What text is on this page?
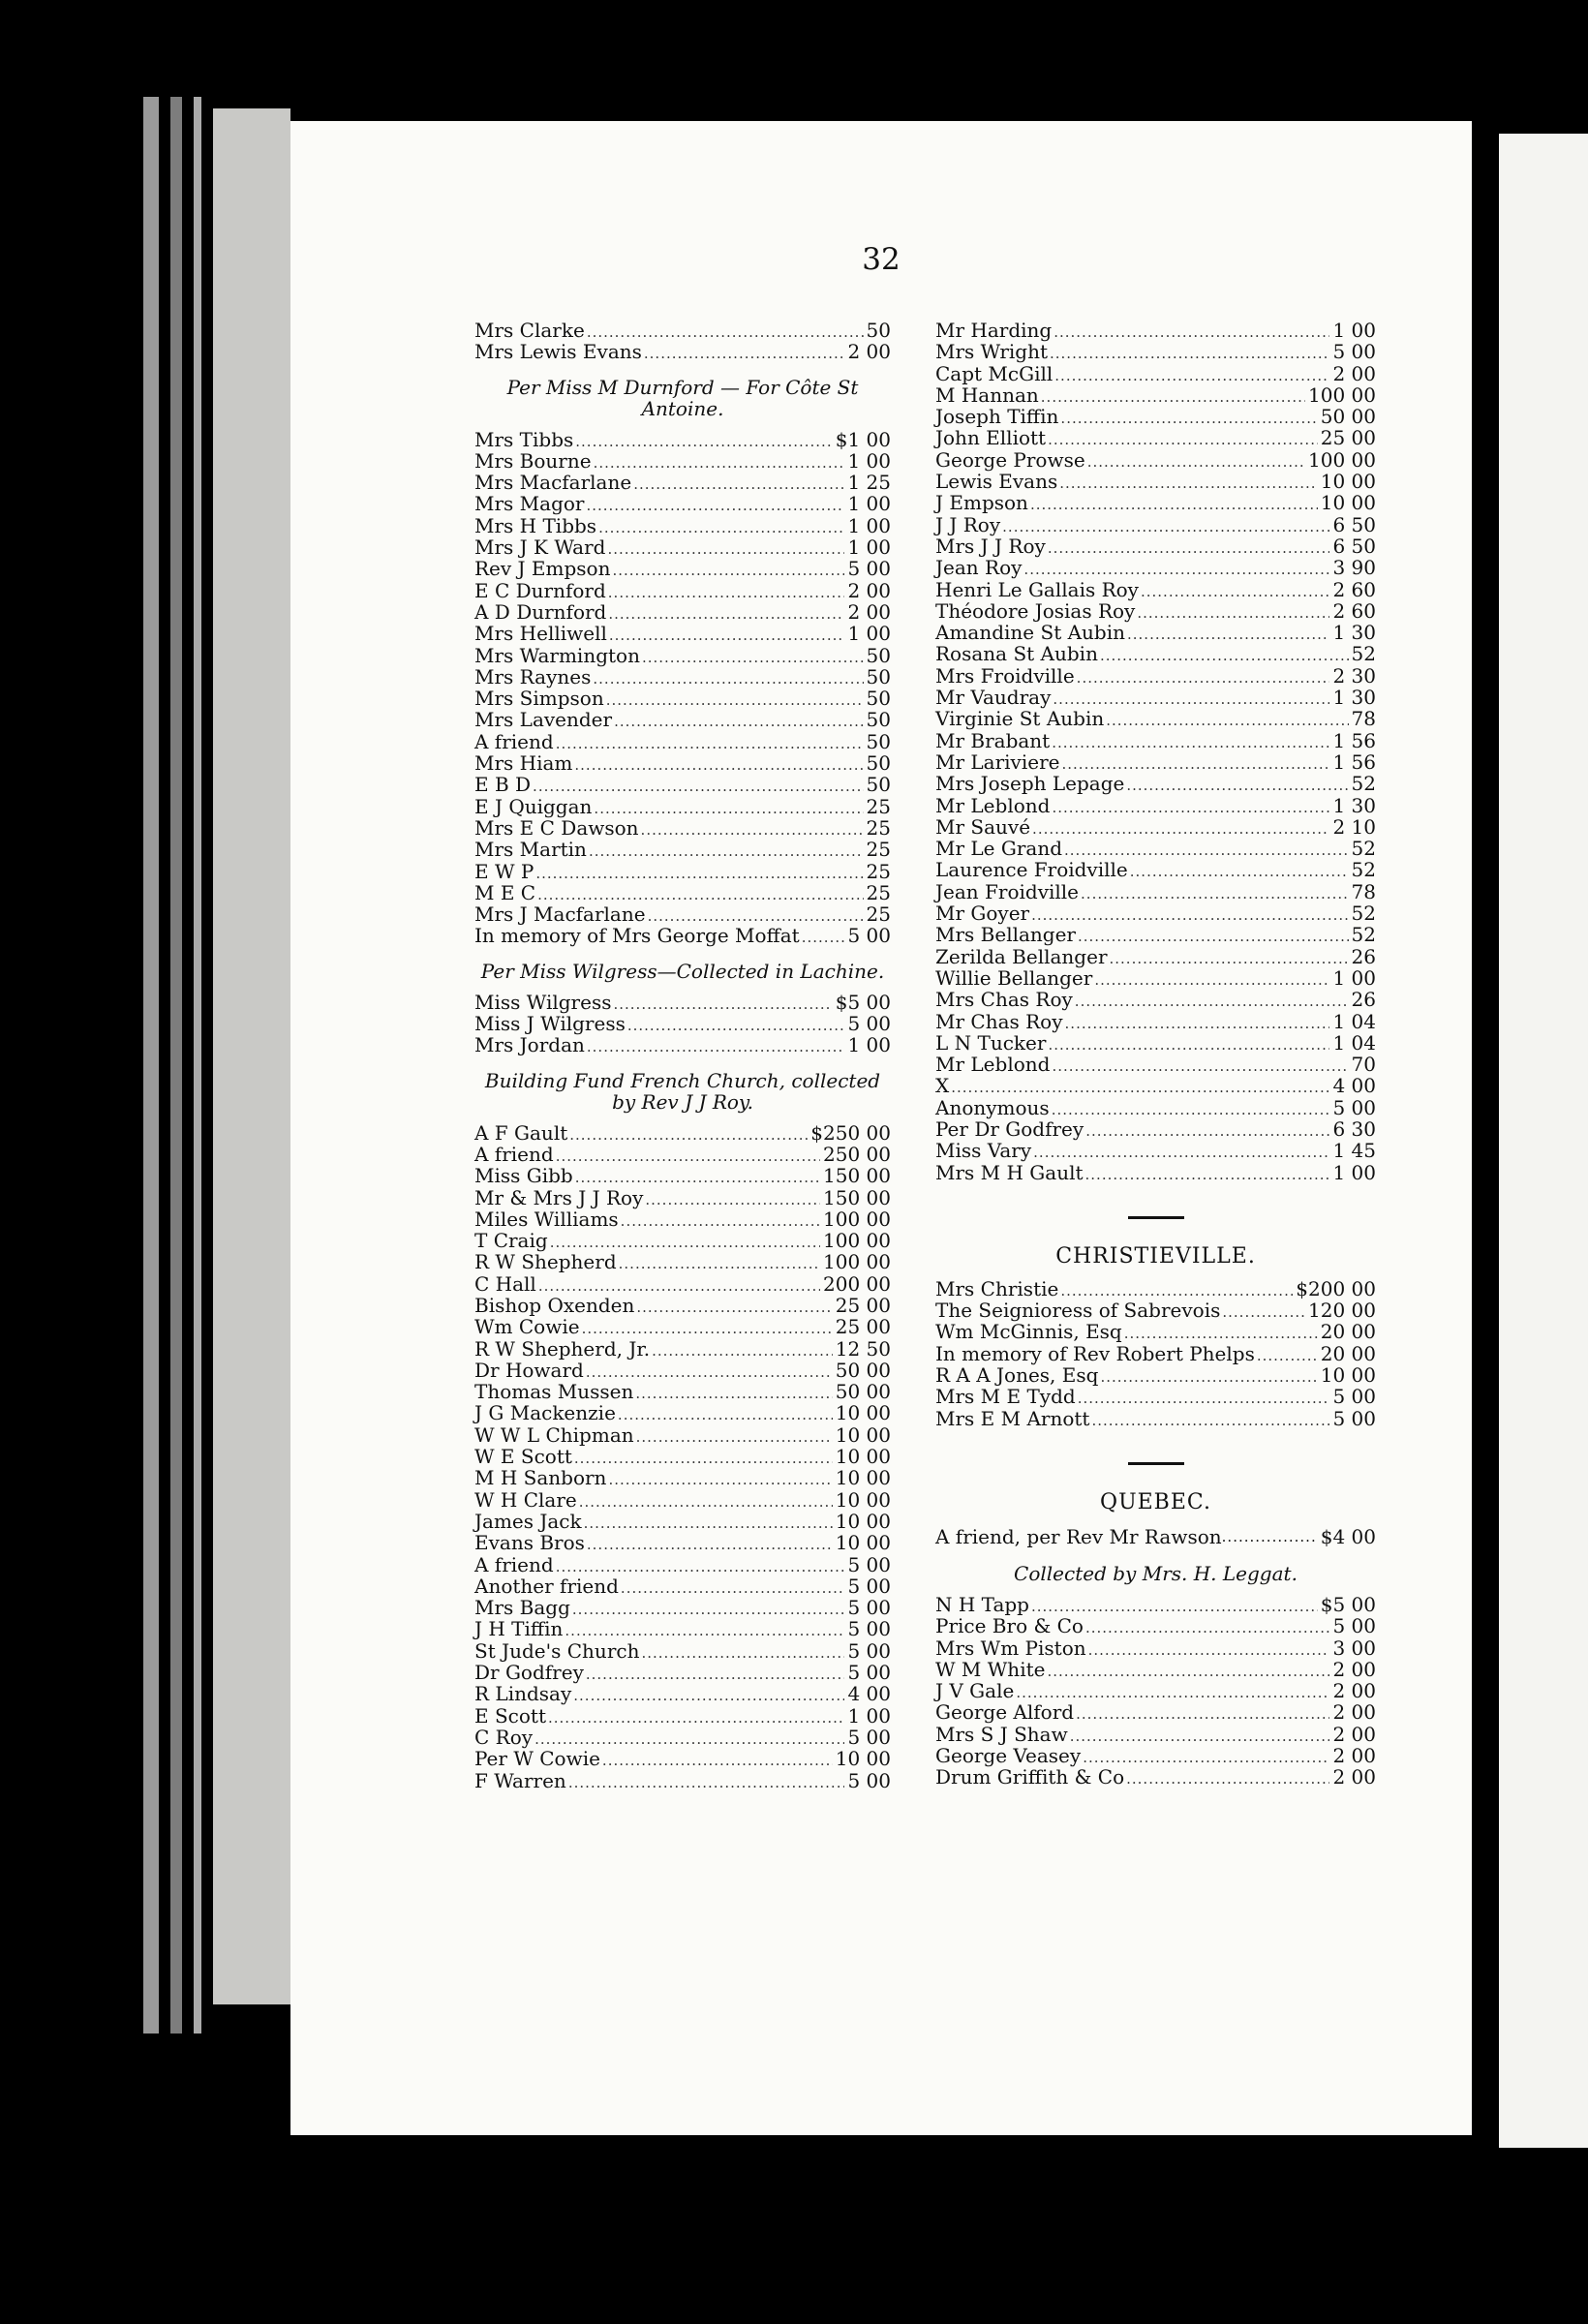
32
Mrs Clarke .....	50
Mrs Lewis Evans .....	2 00
Per Miss M Durnford — For Côte St Antoine.
Mrs Tibbs .....	$1 00
Mrs Bourne .....	1 00
Mrs Macfarlane .....	1 25
Mrs Magor .....	1 00
Mrs H Tibbs .....	1 00
Mrs J K Ward .....	1 00
Rev J Empson .....	5 00
E C Durnford .....	2 00
A D Durnford .....	2 00
Mrs Helliwell .....	1 00
Mrs Warmington .....	50
Mrs Raynes .....	50
Mrs Simpson .....	50
Mrs Lavender .....	50
A friend .....	50
Mrs Hiam .....	50
E B D .....	50
E J Quiggan .....	25
Mrs E C Dawson .....	25
Mrs Martin .....	25
E W P .....	25
M E C .....	25
Mrs J Macfarlane .....	25
In memory of Mrs George Moffat ..... 5 00
Per Miss Wilgress—Collected in Lachine.
Miss Wilgress .....	$5 00
Miss J Wilgress .....	5 00
Mrs Jordan .....	1 00
Building Fund French Church, collected by Rev J J Roy.
A F Gault .....	$250 00
A friend .....	250 00
Miss Gibb .....	150 00
Mr & Mrs J J Roy .....	150 00
Miles Williams .....	100 00
T Craig .....	100 00
R W Shepherd .....	100 00
C Hall .....	200 00
Bishop Oxenden .....	25 00
Wm Cowie .....	25 00
R W Shepherd, Jr. .....	12 50
Dr Howard .....	50 00
Thomas Mussen .....	50 00
J G Mackenzie .....	10 00
W W L Chipman .....	10 00
W E Scott .....	10 00
M H Sanborn .....	10 00
W H Clare .....	10 00
James Jack .....	10 00
Evans Bros .....	10 00
A friend .....	5 00
Another friend .....	5 00
Mrs Bagg .....	5 00
J H Tiffin .....	5 00
St Jude's Church .....	5 00
Dr Godfrey .....	5 00
R Lindsay .....	4 00
E Scott .....	1 00
C Roy .....	5 00
Per W Cowie .....	10 00
F Warren .....	5 00
Mr Harding .....	1 00
Mrs Wright .....	5 00
Capt McGill .....	2 00
M Hannan .....	100 00
Joseph Tiffin .....	50 00
John Elliott .....	25 00
George Prowse .....	100 00
Lewis Evans .....	10 00
J Empson .....	10 00
J J Roy .....	6 50
Mrs J J Roy .....	6 50
Jean Roy .....	3 90
Henri Le Gallais Roy .....	2 60
Théodore Josias Roy .....	2 60
Amandine St Aubin .....	1 30
Rosana St Aubin .....	52
Mrs Froidville .....	2 30
Mr Vaudray .....	1 30
Virginie St Aubin .....	78
Mr Brabant .....	1 56
Mr Lariviere .....	1 56
Mrs Joseph Lepage .....	52
Mr Leblond .....	1 30
Mr Sauvé .....	2 10
Mr Le Grand .....	52
Laurence Froidville .....	52
Jean Froidville .....	78
Mr Goyer .....	52
Mrs Bellanger .....	52
Zerilda Bellanger .....	26
Willie Bellanger .....	1 00
Mrs Chas Roy .....	26
Mr Chas Roy .....	1 04
L N Tucker .....	1 04
Mr Leblond .....	70
X .....	4 00
Anonymous .....	5 00
Per Dr Godfrey .....	6 30
Miss Vary .....	1 45
Mrs M H Gault .....	1 00
CHRISTIEVILLE.
Mrs Christie .....	$200 00
The Seignioress of Sabrevois .....	120 00
Wm McGinnis, Esq .....	20 00
In memory of Rev Robert Phelps .....	20 00
R A A Jones, Esq .....	10 00
Mrs M E Tydd .....	5 00
Mrs E M Arnott .....	5 00
QUEBEC.
A friend, per Rev Mr Rawson .....	$4 00
Collected by Mrs. H. Leggat.
N H Tapp .....	$5 00
Price Bro & Co .....	5 00
Mrs Wm Piston .....	3 00
W M White .....	2 00
J V Gale .....	2 00
George Alford .....	2 00
Mrs S J Shaw .....	2 00
George Veasey .....	2 00
Drum Griffith & Co .....	2 00
